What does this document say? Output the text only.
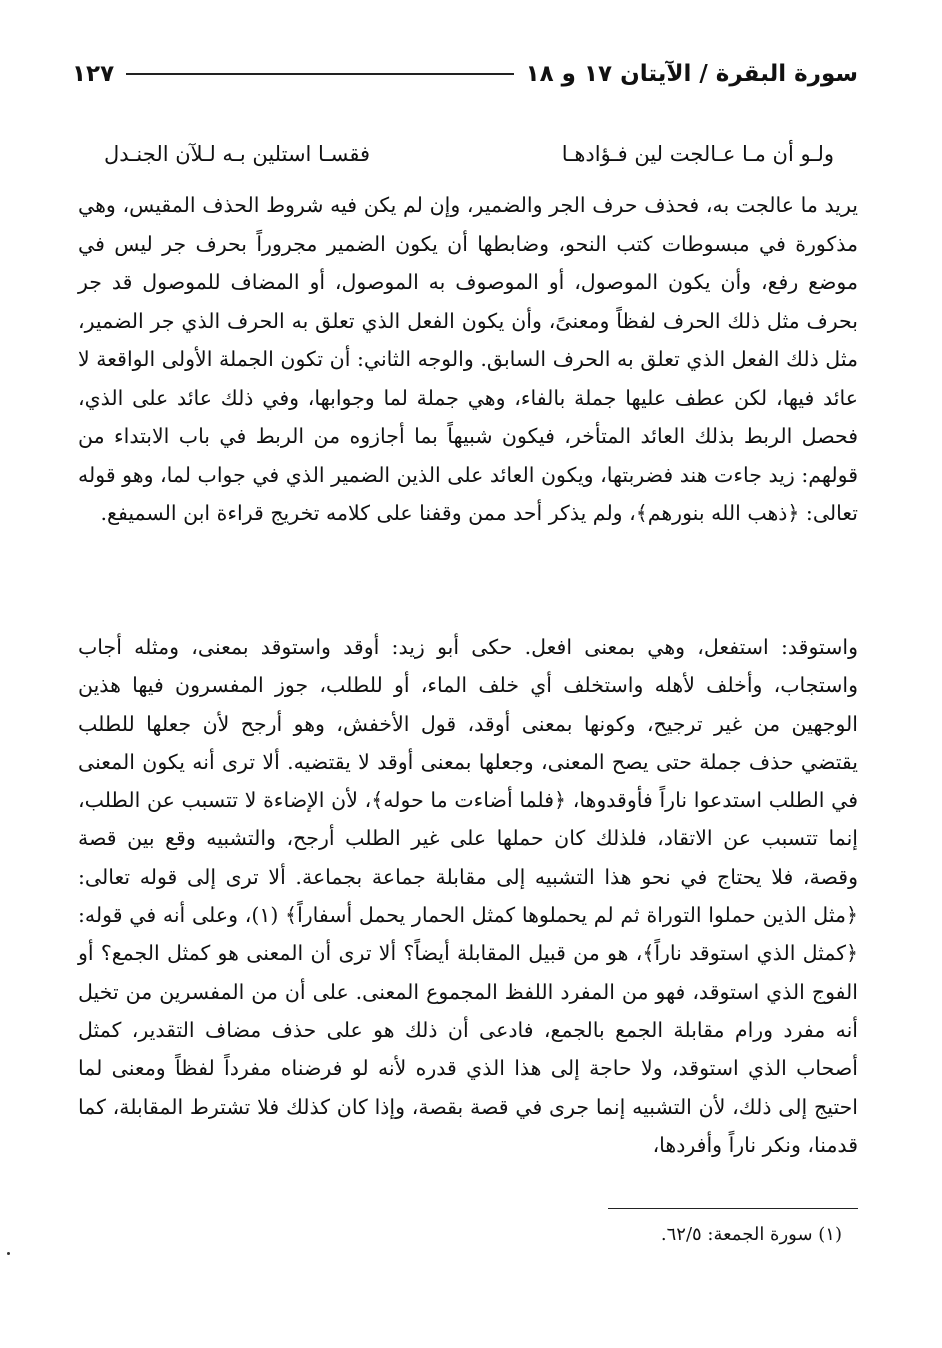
سورة البقرة / الآيتان ١٧ و ١٨
١٢٧
ولـو أن مـا عـالجت لين فـؤادهـا
فقسـا استلين بـه لـلآن الجنـدل

يريد ما عالجت به، فحذف حرف الجر والضمير، وإن لم يكن فيه شروط الحذف المقيس، وهي مذكورة في مبسوطات كتب النحو، وضابطها أن يكون الضمير مجروراً بحرف جر ليس في موضع رفع، وأن يكون الموصول، أو الموصوف به الموصول، أو المضاف للموصول قد جر بحرف مثل ذلك الحرف لفظاً ومعنىً، وأن يكون الفعل الذي تعلق به الحرف الذي جر الضمير، مثل ذلك الفعل الذي تعلق به الحرف السابق. والوجه الثاني: أن تكون الجملة الأولى الواقعة لا عائد فيها، لكن عطف عليها جملة بالفاء، وهي جملة لما وجوابها، وفي ذلك عائد على الذي، فحصل الربط بذلك العائد المتأخر، فيكون شبيهاً بما أجازوه من الربط في باب الابتداء من قولهم: زيد جاءت هند فضربتها، ويكون العائد على الذين الضمير الذي في جواب لما، وهو قوله تعالى: ﴿ذهب الله بنورهم﴾، ولم يذكر أحد ممن وقفنا على كلامه تخريج قراءة ابن السميفع.

واستوقد: استفعل، وهي بمعنى افعل. حكى أبو زيد: أوقد واستوقد بمعنى، ومثله أجاب واستجاب، وأخلف لأهله واستخلف أي خلف الماء، أو للطلب، جوز المفسرون فيها هذين الوجهين من غير ترجيح، وكونها بمعنى أوقد، قول الأخفش، وهو أرجح لأن جعلها للطلب يقتضي حذف جملة حتى يصح المعنى، وجعلها بمعنى أوقد لا يقتضيه. ألا ترى أنه يكون المعنى في الطلب استدعوا ناراً فأوقدوها، ﴿فلما أضاءت ما حوله﴾، لأن الإضاءة لا تتسبب عن الطلب، إنما تتسبب عن الاتقاد، فلذلك كان حملها على غير الطلب أرجح، والتشبيه وقع بين قصة وقصة، فلا يحتاج في نحو هذا التشبيه إلى مقابلة جماعة بجماعة. ألا ترى إلى قوله تعالى: ﴿مثل الذين حملوا التوراة ثم لم يحملوها كمثل الحمار يحمل أسفاراً﴾ (١)، وعلى أنه في قوله: ﴿كمثل الذي استوقد ناراً﴾، هو من قبيل المقابلة أيضاً؟ ألا ترى أن المعنى هو كمثل الجمع؟ أو الفوج الذي استوقد، فهو من المفرد اللفظ المجموع المعنى. على أن من المفسرين من تخيل أنه مفرد ورام مقابلة الجمع بالجمع، فادعى أن ذلك هو على حذف مضاف التقدير، كمثل أصحاب الذي استوقد، ولا حاجة إلى هذا الذي قدره لأنه لو فرضناه مفرداً لفظاً ومعنى لما احتيج إلى ذلك، لأن التشبيه إنما جرى في قصة بقصة، وإذا كان كذلك فلا تشترط المقابلة، كما قدمنا، ونكر ناراً وأفردها،

(١) سورة الجمعة: ٦٢/٥.
